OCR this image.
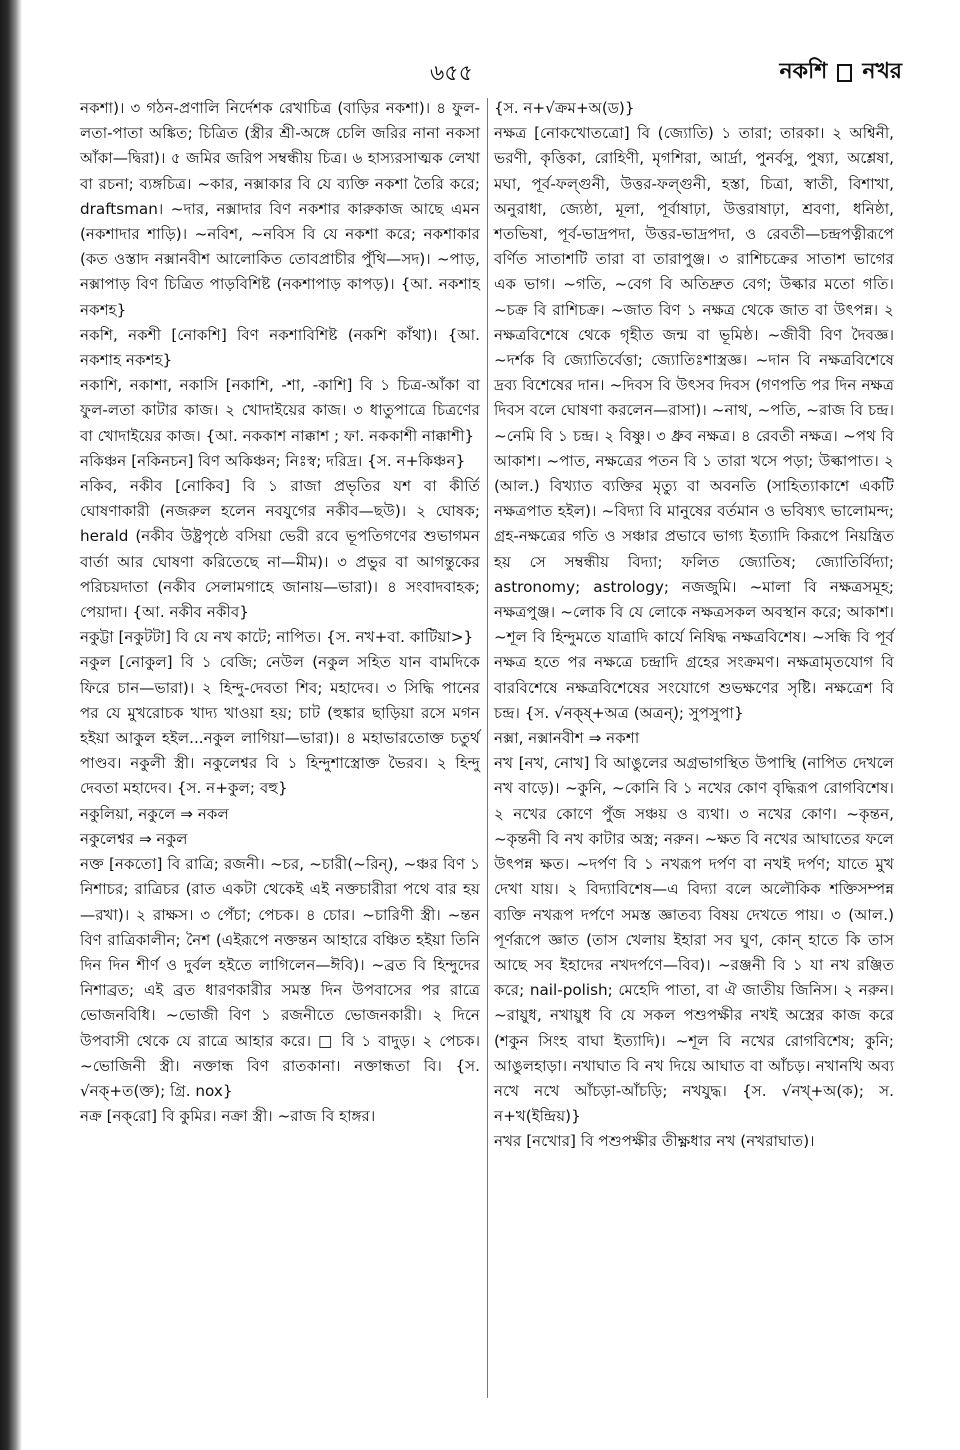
৬৫৫	নকশি নখর

নকশা)। ৩ গঠন-প্রণালি নির্দেশক রেখাচিত্র (বাড়ির নকশা)। ৪ ফুল-লতা-পাতা অঙ্কিত; চিত্রিত (স্ত্রীর শ্রী-অঙ্গে চেলি জরির নানা নকসা আঁকা—দ্বিরা)। ৫ জমির জরিপ সম্বন্ধীয় চিত্র। ৬ হাস্যরসাত্মক লেখা বা রচনা; ব্যঙ্গচিত্র। ~কার, নক্সাকার বি যে ব্যক্তি নকশা তৈরি করে; draftsman। ~দার, নক্সাদার বিণ নকশার কারুকাজ আছে এমন (নকশাদার শাড়ি)। ~নবিশ, ~নবিস বি যে নকশা করে; নকশাকার (কত ওস্তাদ নক্সানবীশ আলোকিত তোবপ্রাচীর পুঁথি—সদ)। ~পাড়, নক্সাপাড় বিণ চিত্রিত পাড়বিশিষ্ট (নকশাপাড় কাপড়)। {আ. নকশাহ নকশহ}

নকশি, নকশী [নোকশি] বিণ নকশাবিশিষ্ট (নকশি কাঁথা)। {আ. নকশাহ নকশহ}

নকাশি, নকাশা, নকাসি [নকাশি, -শা, -কাশি] বি ১ চিত্র-আঁকা বা ফুল-লতা কাটার কাজ। ২ খোদাইয়ের কাজ। ৩ ধাতুপাত্রে চিত্রণের বা খোদাইয়ের কাজ। {আ. নককাশ নাক্কাশ ; ফা. নককাশী নাক্কাশী}

নকিঞ্চন [নকিনচন] বিণ অকিঞ্চন; নিঃস্ব; দরিদ্র। {স. ন+কিঞ্চন}

নকিব, নকীব [নোকিব] বি ১ রাজা প্রভৃতির যশ বা কীর্তি ঘোষণাকারী (নজরুল হলেন নবযুগের নকীব—ছউ)। ২ ঘোষক; herald (নকীব উষ্ট্রপৃষ্ঠে বসিয়া ভেরী রবে ভূপতিগণের শুভাগমন বার্তা আর ঘোষণা করিতেছে না—মীম)। ৩ প্রভুর বা আগন্তুকের পরিচয়দাতা (নকীব সেলামগাহে জানায়—ভারা)। ৪ সংবাদবাহক; পেয়াদা। {আ. নকীব নকীব}

নকুট্টা [নকুটটা] বি যে নখ কাটে; নাপিত। {স. নখ+বা. কাটিয়া>}

নকুল [নোকুল] বি ১ বেজি; নেউল (নকুল সহিত যান বামদিকে ফিরে চান—ভারা)। ২ হিন্দু-দেবতা শিব; মহাদেব। ৩ সিদ্ধি পানের পর যে মুখরোচক খাদ্য খাওয়া হয়; চাট (হুঙ্কার ছাড়িয়া রসে মগন হইয়া আকুল হইল...নকুল লাগিয়া—ভারা)। ৪ মহাভারতোক্ত চতুর্থ পাণ্ডব। নকুলী স্ত্রী। নকুলেশ্বর বি ১ হিন্দুশাস্ত্রোক্ত ভৈরব। ২ হিন্দু দেবতা মহাদেব। {স. ন+কুল; বহু}

নকুলিয়া, নকুলে ⇒ নকল

নকুলেশ্বর ⇒ নকুল

নক্ত [নকতো] বি রাত্রি; রজনী। ~চর, ~চারী(~রিন্), ~ঞ্চর বিণ ১ নিশাচর; রাত্রিচর (রাত একটা থেকেই এই নক্তচারীরা পথে বার হয়—রখা)। ২ রাক্ষস। ৩ পেঁচা; পেচক। ৪ চোর। ~চারিণী স্ত্রী। ~ন্তন বিণ রাত্রিকালীন; নৈশ (এইরূপে নক্তন্তন আহারে বঞ্চিত হইয়া তিনি দিন দিন শীর্ণ ও দুর্বল হইতে লাগিলেন—ঈবি)। ~ব্রত বি হিন্দুদের নিশাব্রত; এই ব্রত ধারণকারীর সমস্ত দিন উপবাসের পর রাত্রে ভোজনবিধি। ~ভোজী বিণ ১ রজনীতে ভোজনকারী। ২ দিনে উপবাসী থেকে যে রাত্রে আহার করে। □ বি ১ বাদুড়। ২ পেচক। ~ভোজিনী স্ত্রী। নক্তান্ধ বিণ রাতকানা। নক্তান্ধতা বি। {স. √নক্‌+ত(ক্ত); গ্রি. nox}

নক্র [নক্‌রো] বি কুমির। নক্রা স্ত্রী। ~রাজ বি হাঙ্গর।

{স. ন+√ক্রম+অ(ড)}

নক্ষত্র [নোকখোতত্রো] বি (জ্যোতি) ১ তারা; তারকা। ২ অশ্বিনী, ভরণী, কৃত্তিকা, রোহিণী, মৃগশিরা, আর্দ্রা, পুনর্বসু, পুষ্যা, অশ্লেষা, মঘা, পূর্ব-ফল্গুনী, উত্তর-ফল্গুনী, হস্তা, চিত্রা, স্বাতী, বিশাখা, অনুরাধা, জ্যেষ্ঠা, মূলা, পূর্বাষাঢ়া, উত্তরাষাঢ়া, শ্রবণা, ধনিষ্ঠা, শতভিষা, পূর্ব-ভাদ্রপদা, উত্তর-ভাদ্রপদা, ও রেবতী—চন্দ্রপত্নীরূপে বর্ণিত সাতাশটি তারা বা তারাপুঞ্জ। ৩ রাশিচক্রের সাতাশ ভাগের এক ভাগ। ~গতি, ~বেগ বি অতিদ্রুত বেগ; উল্কার মতো গতি। ~চক্র বি রাশিচক্র। ~জাত বিণ ১ নক্ষত্র থেকে জাত বা উৎপন্ন। ২ নক্ষত্রবিশেষে থেকে গৃহীত জন্ম বা ভূমিষ্ঠ। ~জীবী বিণ দৈবজ্ঞ। ~দর্শক বি জ্যোতির্বেত্তা; জ্যোতিঃশাস্ত্রজ্ঞ। ~দান বি নক্ষত্রবিশেষে দ্রব্য বিশেষের দান। ~দিবস বি উৎসব দিবস (গণপতি পর দিন নক্ষত্র দিবস বলে ঘোষণা করলেন—রাসা)। ~নাথ, ~পতি, ~রাজ বি চন্দ্র। ~নেমি বি ১ চন্দ্র। ২ বিষ্ণু। ৩ ধ্রুব নক্ষত্র। ৪ রেবতী নক্ষত্র। ~পথ বি আকাশ। ~পাত, নক্ষত্রের পতন বি ১ তারা খসে পড়া; উল্কাপাত। ২ (আল.) বিখ্যাত ব্যক্তির মৃত্যু বা অবনতি (সাহিত্যাকাশে একটি নক্ষত্রপাত হইল)। ~বিদ্যা বি মানুষের বর্তমান ও ভবিষ্যৎ ভালোমন্দ; গ্রহ-নক্ষত্রের গতি ও সঞ্চার প্রভাবে ভাগ্য ইত্যাদি কিরূপে নিয়ন্ত্রিত হয় সে সম্বন্ধীয় বিদ্যা; ফলিত জ্যোতিষ; জ্যোতির্বিদ্যা; astronomy; astrology; নজজুমি। ~মালা বি নক্ষত্রসমূহ; নক্ষত্রপুঞ্জ। ~লোক বি যে লোকে নক্ষত্রসকল অবস্থান করে; আকাশ। ~শূল বি হিন্দুমতে যাত্রাদি কার্যে নিষিদ্ধ নক্ষত্রবিশেষ। ~সন্ধি বি পূর্ব নক্ষত্র হতে পর নক্ষত্রে চন্দ্রাদি গ্রহের সংক্রমণ। নক্ষত্রামৃতযোগ বি বারবিশেষে নক্ষত্রবিশেষের সংযোগে শুভক্ষণের সৃষ্টি। নক্ষত্রেশ বি চন্দ্র। {স. √নক্ষ্‌+অত্র (অত্রন্); সুপসুপা}

নক্সা, নক্সানবীশ ⇒ নকশা

নখ [নখ, নোখ] বি আঙুলের অগ্রভাগস্থিত উপাস্থি (নাপিত দেখলে নখ বাড়ে)। ~কুনি, ~কোনি বি ১ নখের কোণ বৃদ্ধিরূপ রোগবিশেষ। ২ নখের কোণে পুঁজ সঞ্চয় ও ব্যথা। ৩ নখের কোণ। ~কৃন্তন, ~কৃন্তনী বি নখ কাটার অস্ত্র; নরুন। ~ক্ষত বি নখের আঘাতের ফলে উৎপন্ন ক্ষত। ~দর্পণ বি ১ নখরূপ দর্পণ বা নখই দর্পণ; যাতে মুখ দেখা যায়। ২ বিদ্যাবিশেষ—এ বিদ্যা বলে অলৌকিক শক্তিসম্পন্ন ব্যক্তি নখরূপ দর্পণে সমস্ত জ্ঞাতব্য বিষয় দেখতে পায়। ৩ (আল.) পূর্ণরূপে জ্ঞাত (তাস খেলায় ইহারা সব ঘুণ, কোন্ হাতে কি তাস আছে সব ইহাদের নখদর্পণে—বিব)। ~রঞ্জনী বি ১ যা নখ রঞ্জিত করে; nail-polish; মেহেদি পাতা, বা ঐ জাতীয় জিনিস। ২ নরুন। ~রায়ুধ, নখায়ুধ বি যে সকল পশুপক্ষীর নখই অস্ত্রের কাজ করে (শকুন সিংহ বাঘা ইত্যাদি)। ~শূল বি নখের রোগবিশেষ; কুনি; আঙুলহাড়া। নখাঘাত বি নখ দিয়ে আঘাত বা আঁচড়। নখানখি অব্য নখে নখে আঁচড়া-আঁচড়ি; নখযুদ্ধ। {স. √নখ্‌+অ(ক); স. ন+খ(ইন্দ্রিয়)}

নখর [নখোর] বি পশুপক্ষীর তীক্ষ্ণধার নখ (নখরাঘাত)।
